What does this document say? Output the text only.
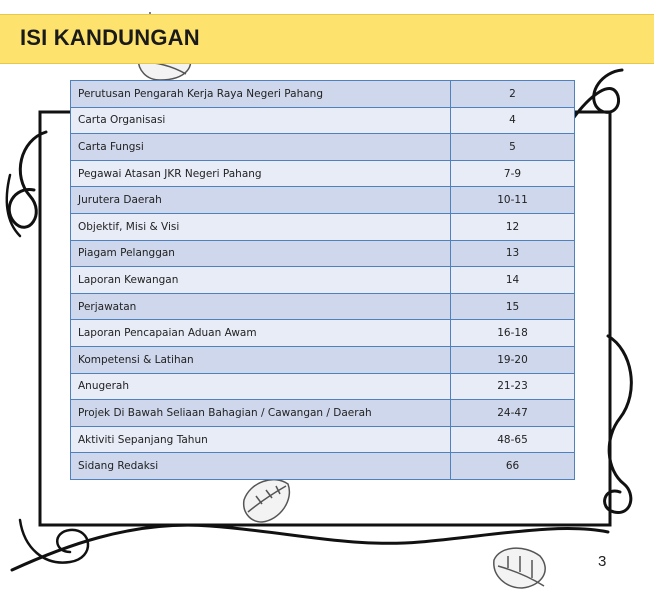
ISI KANDUNGAN
Perutusan Pengarah Kerja Raya Negeri Pahang	2
Carta Organisasi	4
Carta Fungsi	5
Pegawai Atasan JKR Negeri Pahang	7-9
Jurutera Daerah	10-11
Objektif, Misi & Visi	12
Piagam Pelanggan	13
Laporan Kewangan	14
Perjawatan	15
Laporan Pencapaian Aduan Awam	16-18
Kompetensi & Latihan	19-20
Anugerah	21-23
Projek Di Bawah Seliaan Bahagian / Cawangan / Daerah	24-47
Aktiviti Sepanjang Tahun	48-65
Sidang Redaksi	66
3
